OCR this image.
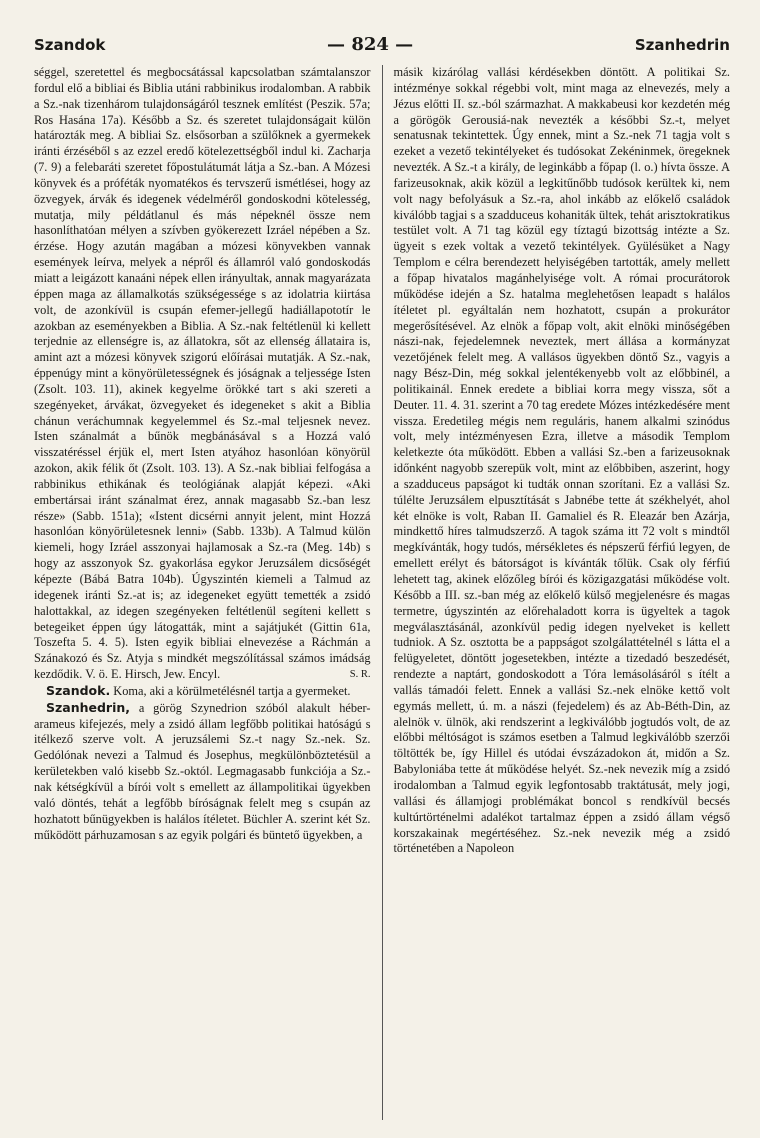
Szandok	— 824 —	Szanhedrin

séggel, szeretettel és megbocsátással kapcsolatban számtalanszor fordul elő a bibliai és Biblia utáni rabbinikus irodalomban. A rabbik a Sz.-nak tizenhárom tulajdonságáról tesznek említést (Peszik. 57a; Ros Hasána 17a). Később a Sz. és szeretet tulajdonságait külön határozták meg. A bibliai Sz. elsősorban a szülőknek a gyermekek iránti érzéséből s az ezzel eredő kötelezettségből indul ki. Zacharja (7. 9) a felebaráti szeretet főpostulátumát látja a Sz.-ban. A Mózesi könyvek és a próféták nyomatékos és tervszerű ismétlései, hogy az özvegyek, árvák és idegenek védelméről gondoskodni kötelesség, mutatja, mily példátlanul és más népeknél össze nem hasonlíthatóan mélyen a szívben gyökerezett Izráel népében a Sz. érzése. Hogy azután magában a mózesi könyvekben vannak események leírva, melyek a népről és államról való gondoskodás miatt a leigázott kanaáni népek ellen irányultak, annak magyarázata éppen maga az államalkotás szükségessége s az idolatria kiirtása volt, de azonkívül is csupán efemer-jellegű hadiállapototír le azokban az eseményekben a Biblia. A Sz.-nak feltétlenül ki kellett terjednie az ellenségre is, az állatokra, sőt az ellenség állataira is, amint azt a mózesi könyvek szigorú előírásai mutatják. A Sz.-nak, éppenúgy mint a könyörületességnek és jóságnak a teljessége Isten (Zsolt. 103. 11), akinek kegyelme örökké tart s aki szereti a szegényeket, árvákat, özvegyeket és idegeneket s akit a Biblia chánun veráchumnak kegyelemmel és Sz.-mal teljesnek nevez. Isten szánalmát a bűnök megbánásával s a Hozzá való visszatéréssel érjük el, mert Isten atyához hasonlóan könyörül azokon, akik félik őt (Zsolt. 103. 13). A Sz.-nak bibliai felfogása a rabbinikus ethikának és teológiának alapját képezi. «Aki embertársai iránt szánalmat érez, annak magasabb Sz.-ban lesz része» (Sabb. 151a); «Istent dicsérni annyit jelent, mint Hozzá hasonlóan könyörületesnek lenni» (Sabb. 133b). A Talmud külön kiemeli, hogy Izráel asszonyai hajlamosak a Sz.-ra (Meg. 14b) s hogy az asszonyok Sz. gyakorlása egykor Jeruzsálem dicsőségét képezte (Bábá Batra 104b). Úgyszintén kiemeli a Talmud az idegenek iránti Sz.-at is; az idegeneket együtt temették a zsidó halottakkal, az idegen szegényeken feltétlenül segíteni kellett s betegeiket éppen úgy látogatták, mint a sajátjukét (Gittin 61a, Toszefta 5. 4. 5). Isten egyik bibliai elnevezése a Ráchmán a Szánakozó és Sz. Atyja s mindkét megszólítással számos imádság kezdődik. V. ö. E. Hirsch, Jew. Encyl.	S. R.

Szandok. Koma, aki a körülmetélésnél tartja a gyermeket.

Szanhedrin, a görög Szynedrion szóból alakult héber-arameus kifejezés, mely a zsidó állam legfőbb politikai hatóságú s itélkező szerve volt. A jeruzsálemi Sz.-t nagy Sz.-nek. Sz. Gedólónak nevezi a Talmud és Josephus, megkülönböztetésül a kerületekben való kisebb Sz.-októl. Legmagasabb funkciója a Sz.-nak kétségkívül a bírói volt s emellett az állampolitikai ügyekben való döntés, tehát a legfőbb bíróságnak felelt meg s csupán az hozhatott bűnügyekben is halálos ítéletet. Büchler A. szerint két Sz. működött párhuzamosan s az egyik polgári és büntető ügyekben, a

másik kizárólag vallási kérdésekben döntött. A politikai Sz. intézménye sokkal régebbi volt, mint maga az elnevezés, mely a Jézus előtti II. sz.-ból származhat. A makkabeusi kor kezdetén még a görögök Gerousiá-nak nevezték a későbbi Sz.-t, melyet senatusnak tekintettek. Úgy ennek, mint a Sz.-nek 71 tagja volt s ezeket a vezető tekintélyeket és tudósokat Zekéninmek, öregeknek nevezték. A Sz.-t a király, de leginkább a főpap (l. o.) hívta össze. A farizeusoknak, akik közül a legkitűnőbb tudósok kerültek ki, nem volt nagy befolyásuk a Sz.-ra, ahol inkább az előkelő családok kiválóbb tagjai s a szadduceus kohaniták ültek, tehát arisztokratikus testület volt. A 71 tag közül egy tíztagú bizottság intézte a Sz. ügyeit s ezek voltak a vezető tekintélyek. Gyülésüket a Nagy Templom e célra berendezett helyiségében tartották, amely mellett a főpap hivatalos magánhelyisége volt. A római procurátorok működése idején a Sz. hatalma meglehetősen leapadt s halálos ítéletet pl. egyáltalán nem hozhatott, csupán a prokurátor megerősítésével. Az elnök a főpap volt, akit elnöki minőségében nászi-nak, fejedelemnek neveztek, mert állása a kormányzat vezetőjének felelt meg. A vallásos ügyekben döntő Sz., vagyis a nagy Bész-Din, még sokkal jelentékenyebb volt az előbbinél, a politikainál. Ennek eredete a bibliai korra megy vissza, sőt a Deuter. 11. 4. 31. szerint a 70 tag eredete Mózes intézkedésére ment vissza. Eredetileg mégis nem reguláris, hanem alkalmi szinódus volt, mely intézményesen Ezra, illetve a második Templom keletkezte óta működött. Ebben a vallási Sz.-ben a farizeusoknak időnként nagyobb szerepük volt, mint az előbbiben, aszerint, hogy a szadduceus papságot ki tudták onnan szorítani. Ez a vallási Sz. túlélte Jeruzsálem elpusztítását s Jabnébe tette át székhelyét, ahol két elnöke is volt, Raban II. Gamaliel és R. Eleazár ben Azárja, mindkettő híres talmudszerző. A tagok száma itt 72 volt s mindtől megkívánták, hogy tudós, mérsékletes és népszerű férfiú legyen, de emellett erélyt és bátorságot is kívánták tőlük. Csak oly férfiú lehetett tag, akinek előzőleg bírói és közigazgatási működése volt. Később a III. sz.-ban még az előkelő külső megjelenésre és magas termetre, úgyszintén az előrehaladott korra is ügyeltek a tagok megválasztásánál, azonkívül pedig idegen nyelveket is kellett tudniok. A Sz. osztotta be a pappságot szolgálattételnél s látta el a felügyeletet, döntött jogesetekben, intézte a tizedadó beszedését, rendezte a naptárt, gondoskodott a Tóra lemásolásáról s ítélt a vallás támadói felett. Ennek a vallási Sz.-nek elnöke kettő volt egymás mellett, ú. m. a nászi (fejedelem) és az Ab-Béth-Din, az alelnök v. ülnök, aki rendszerint a legkiválóbb jogtudós volt, de az előbbi méltóságot is számos esetben a Talmud legkiválóbb szerzői töltötték be, így Hillel és utódai évszázadokon át, midőn a Sz. Babyloniába tette át működése helyét. Sz.-nek nevezik míg a zsidó irodalomban a Talmud egyik legfontosabb traktátusát, mely jogi, vallási és államjogi problémákat boncol s rendkívül becsés kultúrtörténelmi adalékot tartalmaz éppen a zsidó állam végső korszakainak megértéséhez. Sz.-nek nevezik még a zsidó történetében a Napoleon
